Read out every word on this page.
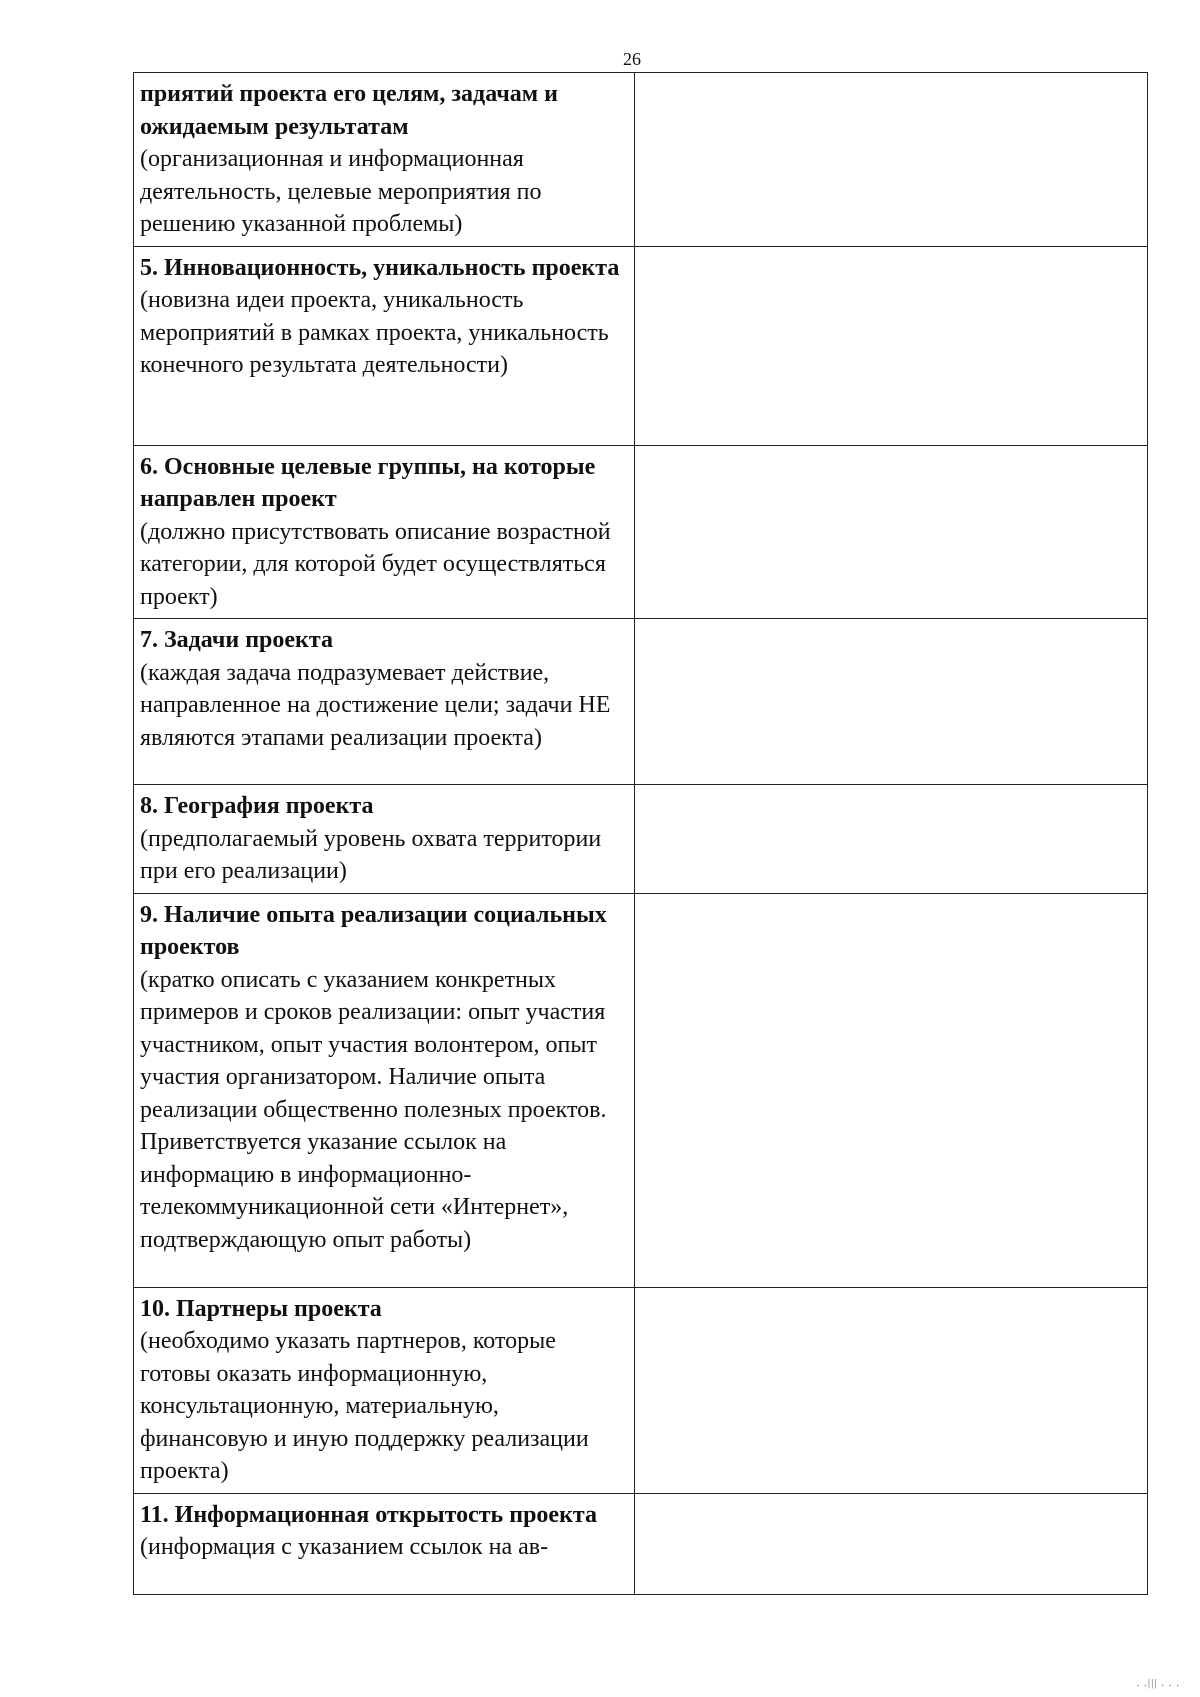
26
приятий проекта его целям, задачам и ожидаемым результатам
(организационная и информационная деятельность, целевые мероприятия по решению указанной проблемы)	

5. Инновационность, уникальность проекта
(новизна идеи проекта, уникальность мероприятий в рамках проекта, уникальность конечного результата деятельности)	

6. Основные целевые группы, на которые направлен проект
(должно присутствовать описание возрастной категории, для которой будет осуществляться проект)	

7. Задачи проекта
(каждая задача подразумевает действие, направленное на достижение цели; задачи НЕ являются этапами реализации проекта)	

8. География проекта
(предполагаемый уровень охвата территории при его реализации)	

9. Наличие опыта реализации социальных проектов
(кратко описать с указанием конкретных примеров и сроков реализации: опыт участия участником, опыт участия волонтером, опыт участия организатором. Наличие опыта реализации общественно полезных проектов. Приветствуется указание ссылок на информацию в информационно-телекоммуникационной сети «Интернет», подтверждающую опыт работы)	

10. Партнеры проекта
(необходимо указать партнеров, которые готовы оказать информационную, консультационную, материальную, финансовую и иную поддержку реализации проекта)	

11. Информационная открытость проекта
(информация с указанием ссылок на ав-	

. .||| . . .
